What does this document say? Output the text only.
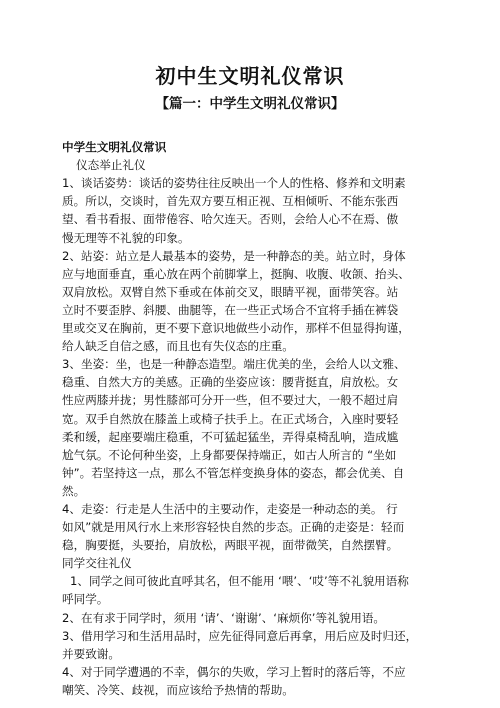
初中生文明礼仪常识
【篇一：中学生文明礼仪常识】
中学生文明礼仪常识
仪态举止礼仪
1、谈话姿势：谈话的姿势往往反映出一个人的性格、修养和文明素
质。所以，交谈时，首先双方要互相正视、互相倾听、不能东张西
望、看书看报、面带倦容、哈欠连天。否则，会给人心不在焉、傲
慢无理等不礼貌的印象。
2、站姿：站立是人最基本的姿势，是一种静态的美。站立时，身体
应与地面垂直，重心放在两个前脚掌上，挺胸、收腹、收颌、抬头、
双肩放松。双臂自然下垂或在体前交叉，眼睛平视，面带笑容。站
立时不要歪脖、斜腰、曲腿等，在一些正式场合不宜将手插在裤袋
里或交叉在胸前，更不要下意识地做些小动作，那样不但显得拘谨，
给人缺乏自信之感，而且也有失仪态的庄重。
3、坐姿：坐，也是一种静态造型。端庄优美的坐，会给人以文雅、
稳重、自然大方的美感。正确的坐姿应该：腰背挺直，肩放松。女
性应两膝并拢；男性膝部可分开一些，但不要过大，一般不超过肩
宽。双手自然放在膝盖上或椅子扶手上。在正式场合，入座时要轻
柔和缓，起座要端庄稳重，不可猛起猛坐，弄得桌椅乱响，造成尴
尬气氛。不论何种坐姿，上身都要保持端正，如古人所言的 “坐如
钟”。若坚持这一点，那么不管怎样变换身体的姿态，都会优美、自
然。
4、走姿：行走是人生活中的主要动作，走姿是一种动态的美。 行
如风”就是用风行水上来形容轻快自然的步态。正确的走姿是：轻而
稳，胸要挺，头要抬，肩放松，两眼平视，面带微笑，自然摆臂。
同学交往礼仪
1、同学之间可彼此直呼其名，但不能用 ‘喂’、‘哎’等不礼貌用语称
呼同学。
2、在有求于同学时，须用 ‘请’、‘谢谢’、‘麻烦你’等礼貌用语。
3、借用学习和生活用品时，应先征得同意后再拿，用后应及时归还，
并要致谢。
4、对于同学遭遇的不幸，偶尔的失败，学习上暂时的落后等，不应
嘲笑、冷笑、歧视，而应该给予热情的帮助。
